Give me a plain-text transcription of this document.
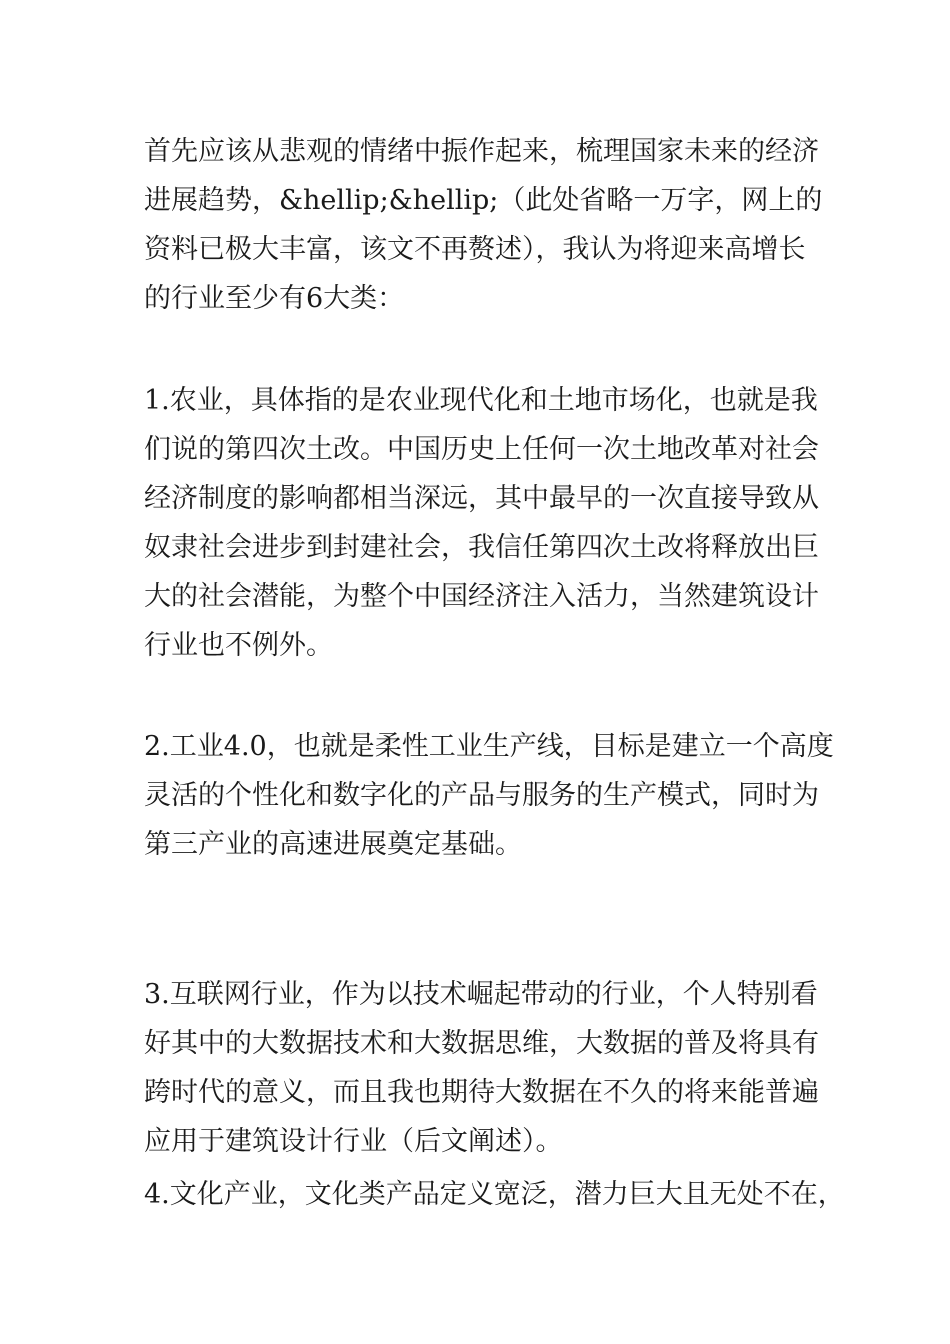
首先应该从悲观的情绪中振作起来，梳理国家未来的经济
进展趋势，&hellip;&hellip;（此处省略一万字，网上的
资料已极大丰富，该文不再赘述），我认为将迎来高增长
的行业至少有6大类：
1.农业，具体指的是农业现代化和土地市场化，也就是我
们说的第四次土改。中国历史上任何一次土地改革对社会
经济制度的影响都相当深远，其中最早的一次直接导致从
奴隶社会进步到封建社会，我信任第四次土改将释放出巨
大的社会潜能，为整个中国经济注入活力，当然建筑设计
行业也不例外。
2.工业4.0，也就是柔性工业生产线，目标是建立一个高度
灵活的个性化和数字化的产品与服务的生产模式，同时为
第三产业的高速进展奠定基础。
3.互联网行业，作为以技术崛起带动的行业，个人特别看
好其中的大数据技术和大数据思维，大数据的普及将具有
跨时代的意义，而且我也期待大数据在不久的将来能普遍
应用于建筑设计行业（后文阐述）。
4.文化产业，文化类产品定义宽泛，潜力巨大且无处不在，
